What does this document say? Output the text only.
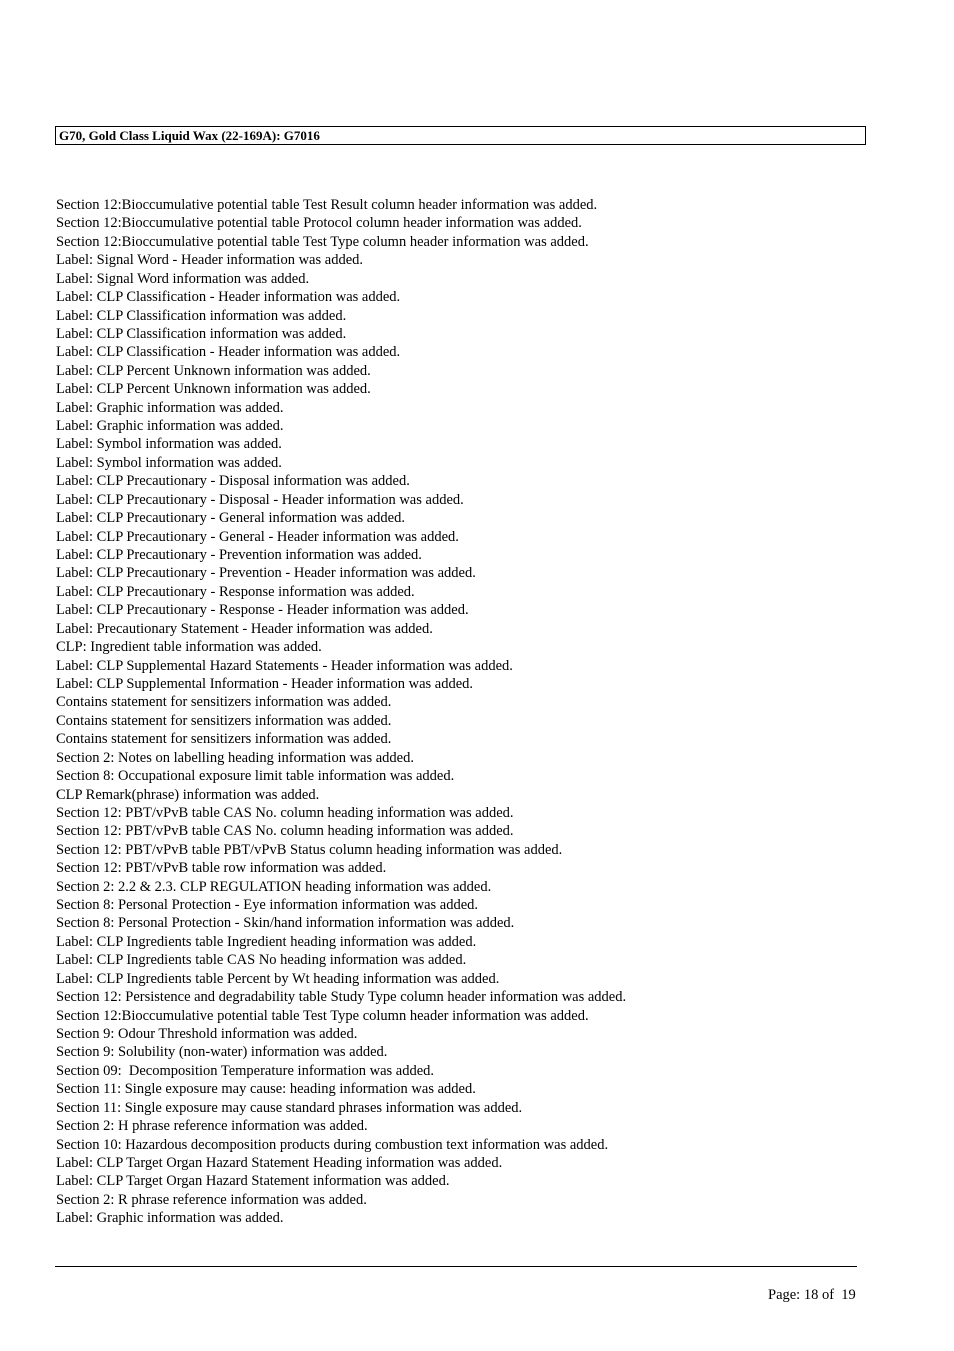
G70, Gold Class Liquid Wax (22-169A): G7016
Section 12:Bioccumulative potential table Test Result column header information was added.
Section 12:Bioccumulative potential table Protocol column header information was added.
Section 12:Bioccumulative potential table Test Type column header information was added.
Label: Signal Word - Header information was added.
Label: Signal Word information was added.
Label: CLP Classification - Header information was added.
Label: CLP Classification information was added.
Label: CLP Classification information was added.
Label: CLP Classification - Header information was added.
Label: CLP Percent Unknown information was added.
Label: CLP Percent Unknown information was added.
Label: Graphic information was added.
Label: Graphic information was added.
Label: Symbol information was added.
Label: Symbol information was added.
Label: CLP Precautionary - Disposal information was added.
Label: CLP Precautionary - Disposal - Header information was added.
Label: CLP Precautionary - General information was added.
Label: CLP Precautionary - General - Header information was added.
Label: CLP Precautionary - Prevention information was added.
Label: CLP Precautionary - Prevention - Header information was added.
Label: CLP Precautionary - Response information was added.
Label: CLP Precautionary - Response - Header information was added.
Label: Precautionary Statement - Header information was added.
CLP: Ingredient table information was added.
Label: CLP Supplemental Hazard Statements - Header information was added.
Label: CLP Supplemental Information - Header information was added.
Contains statement for sensitizers information was added.
Contains statement for sensitizers information was added.
Contains statement for sensitizers information was added.
Section 2: Notes on labelling heading information was added.
Section 8: Occupational exposure limit table information was added.
CLP Remark(phrase) information was added.
Section 12: PBT/vPvB table CAS No. column heading information was added.
Section 12: PBT/vPvB table CAS No. column heading information was added.
Section 12: PBT/vPvB table PBT/vPvB Status column heading information was added.
Section 12: PBT/vPvB table row information was added.
Section 2: 2.2 & 2.3. CLP REGULATION heading information was added.
Section 8: Personal Protection - Eye information information was added.
Section 8: Personal Protection - Skin/hand information information was added.
Label: CLP Ingredients table Ingredient heading information was added.
Label: CLP Ingredients table CAS No heading information was added.
Label: CLP Ingredients table Percent by Wt heading information was added.
Section 12: Persistence and degradability table Study Type column header information was added.
Section 12:Bioccumulative potential table Test Type column header information was added.
Section 9: Odour Threshold information was added.
Section 9: Solubility (non-water) information was added.
Section 09:  Decomposition Temperature information was added.
Section 11: Single exposure may cause: heading information was added.
Section 11: Single exposure may cause standard phrases information was added.
Section 2: H phrase reference information was added.
Section 10: Hazardous decomposition products during combustion text information was added.
Label: CLP Target Organ Hazard Statement Heading information was added.
Label: CLP Target Organ Hazard Statement information was added.
Section 2: R phrase reference information was added.
Label: Graphic information was added.
Page: 18 of  19
